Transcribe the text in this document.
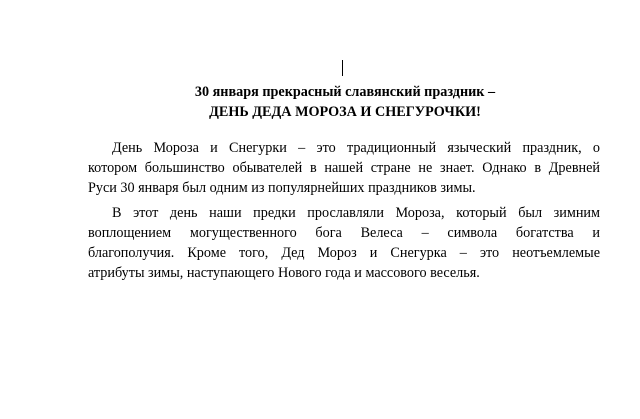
30 января прекрасный славянский праздник –
ДЕНЬ ДЕДА МОРОЗА И СНЕГУРОЧКИ!
День Мороза и Снегурки – это традиционный языческий праздник, о
котором большинство обывателей в нашей стране не знает. Однако в Древней
Руси 30 января был одним из популярнейших праздников зимы.
В этот день наши предки прославляли Мороза, который был зимним
воплощением могущественного бога Велеса – символа богатства и
благополучия. Кроме того, Дед Мороз и Снегурка – это неотъемлемые
атрибуты зимы, наступающего Нового года и массового веселья.
